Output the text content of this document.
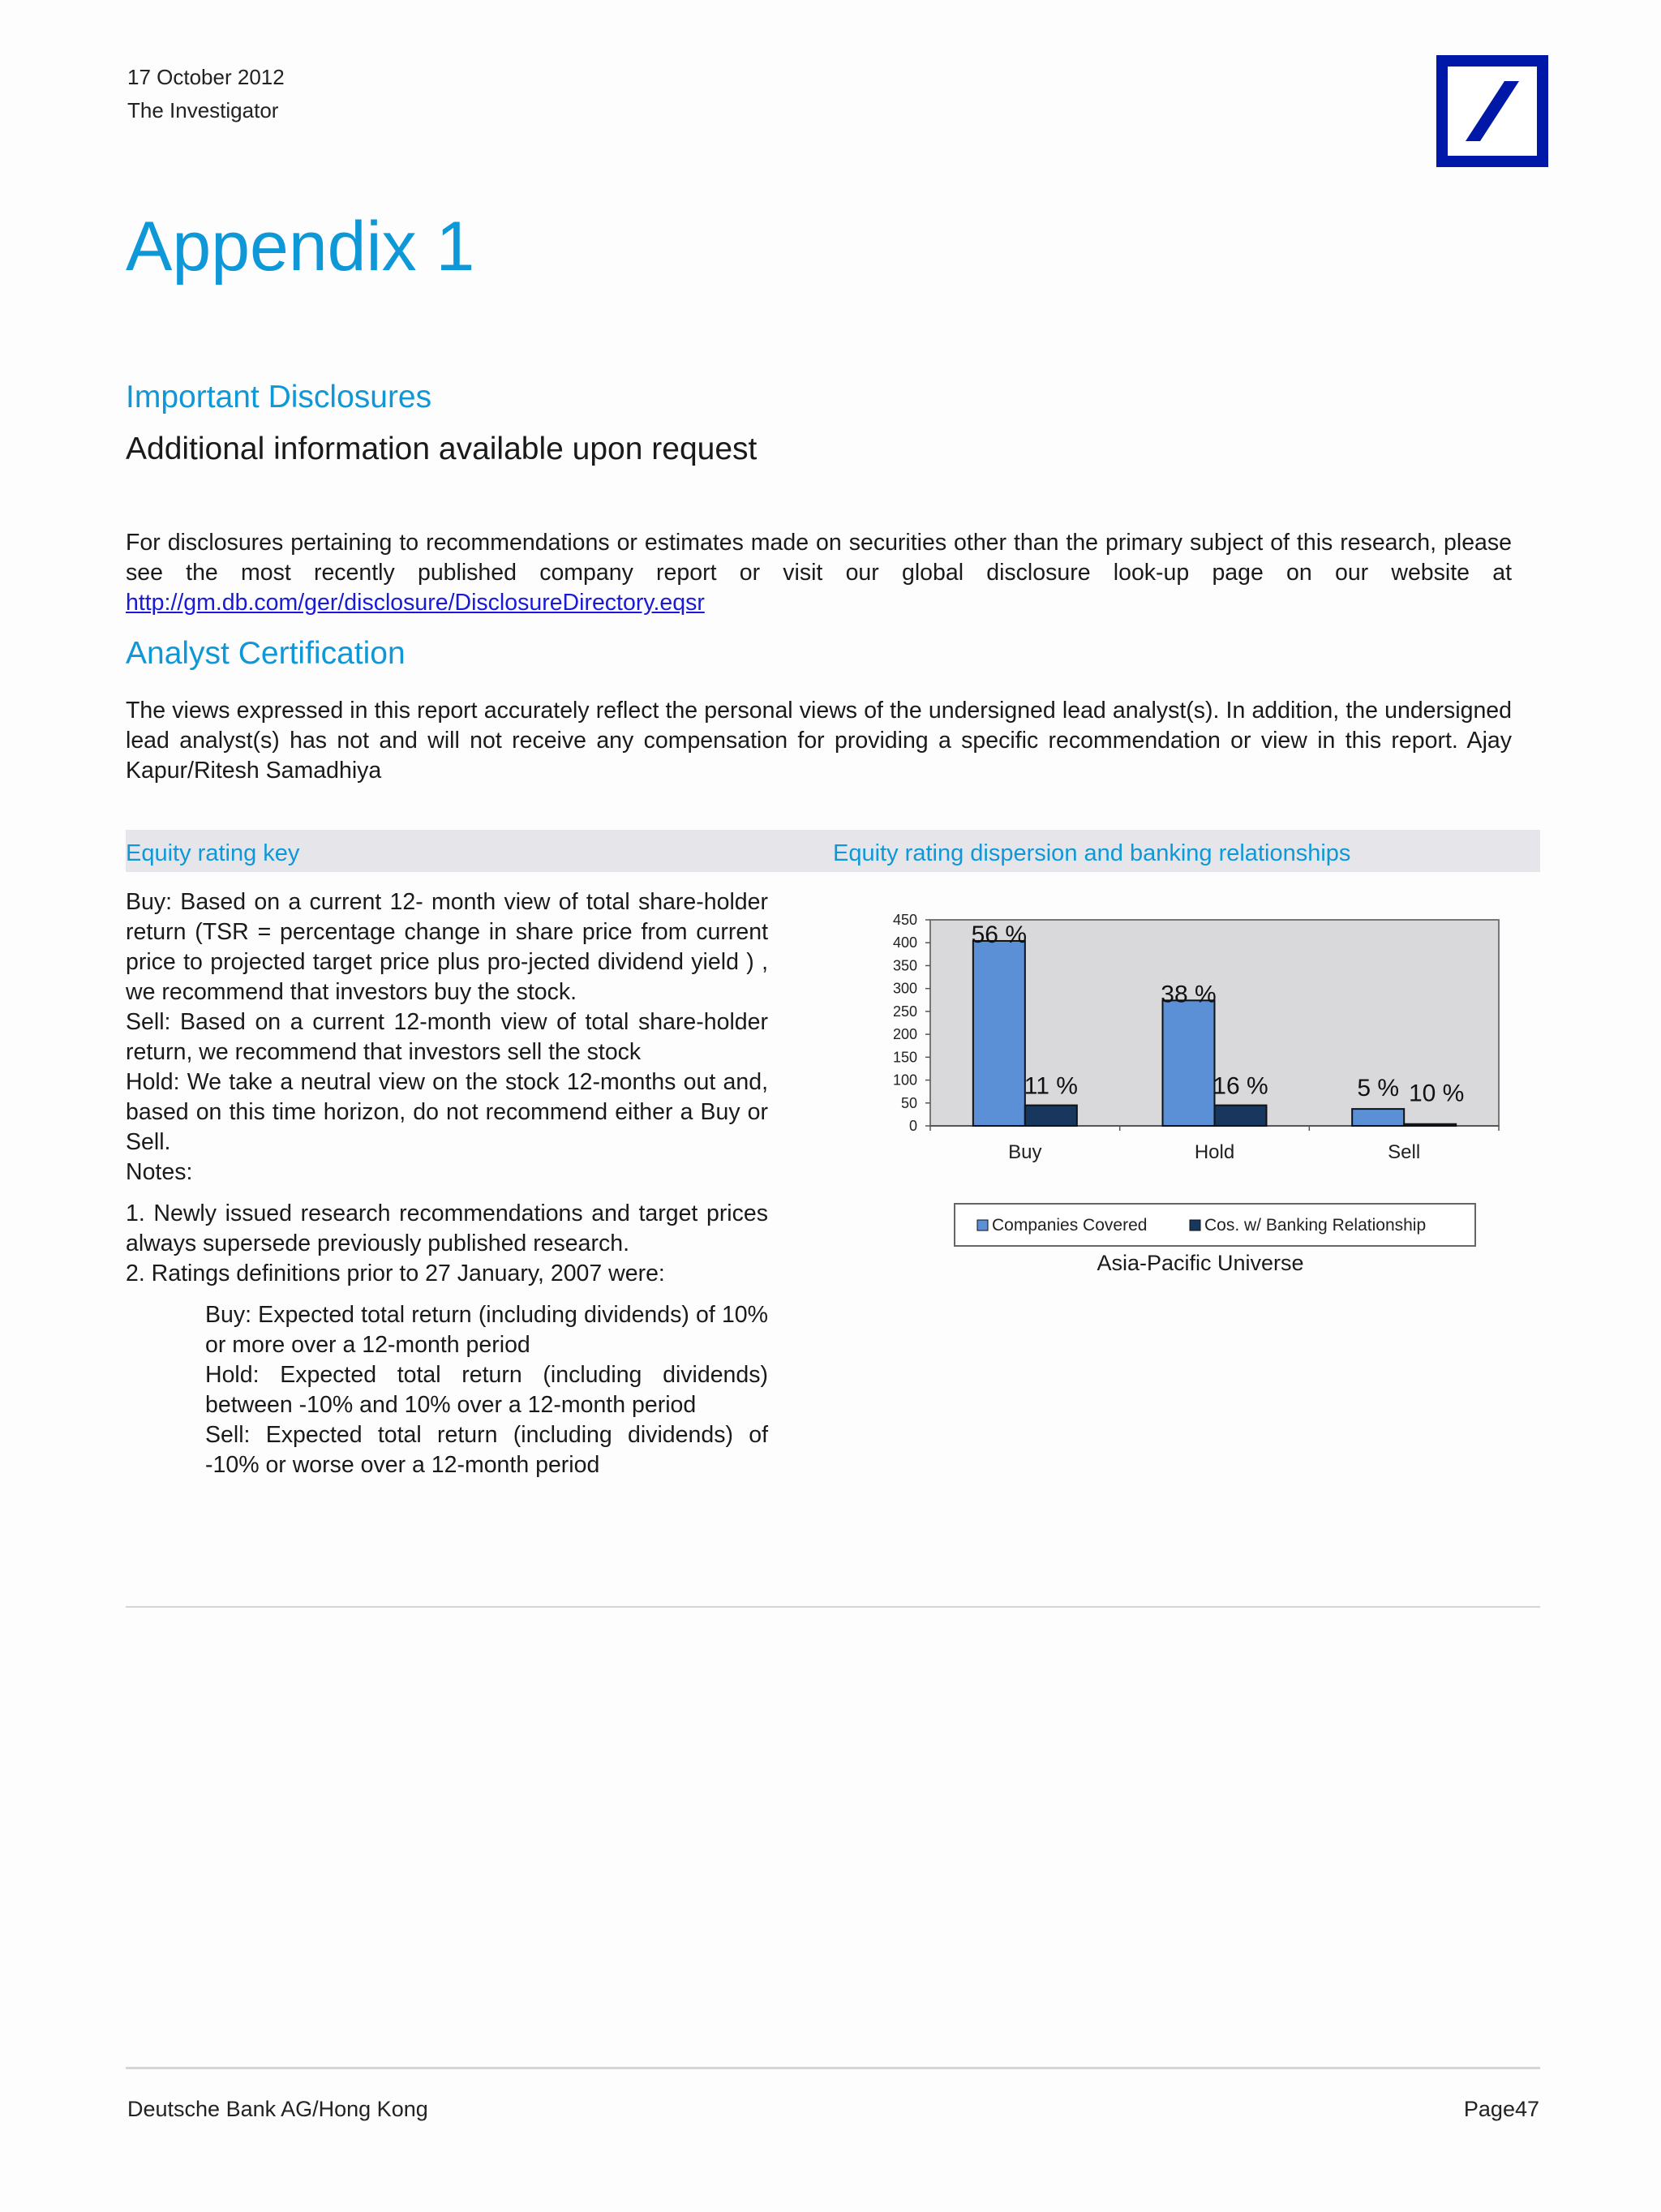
17 October 2012
The Investigator
Appendix 1
Important Disclosures
Additional information available upon request
For disclosures pertaining to recommendations or estimates made on securities other than the primary subject of this research, please see the most recently published company report or visit our global disclosure look-up page on our website at http://gm.db.com/ger/disclosure/DisclosureDirectory.eqsr
Analyst Certification
The views expressed in this report accurately reflect the personal views of the undersigned lead analyst(s). In addition, the undersigned lead analyst(s) has not and will not receive any compensation for providing a specific recommendation or view in this report. Ajay Kapur/Ritesh Samadhiya
Equity rating key	Equity rating dispersion and banking relationships
Buy: Based on a current 12- month view of total share-holder return (TSR = percentage change in share price from current price to projected target price plus pro-jected dividend yield ) , we recommend that investors buy the stock.
Sell: Based on a current 12-month view of total share-holder return, we recommend that investors sell the stock
Hold: We take a neutral view on the stock 12-months out and, based on this time horizon, do not recommend either a Buy or Sell.
Notes:
1. Newly issued research recommendations and target prices always supersede previously published research.
2. Ratings definitions prior to 27 January, 2007 were:
Buy: Expected total return (including dividends) of 10% or more over a 12-month period
Hold: Expected total return (including dividends) between -10% and 10% over a 12-month period
Sell: Expected total return (including dividends) of -10% or worse over a 12-month period
0
50
100
150
200
250
300
350
400
450
Buy
56 %
11 %
Hold
38 %
16 %
Sell
5 % 10 %
Companies Covered	Cos. w/ Banking Relationship
Asia-Pacific Universe
Deutsche Bank AG/Hong Kong	Page47
